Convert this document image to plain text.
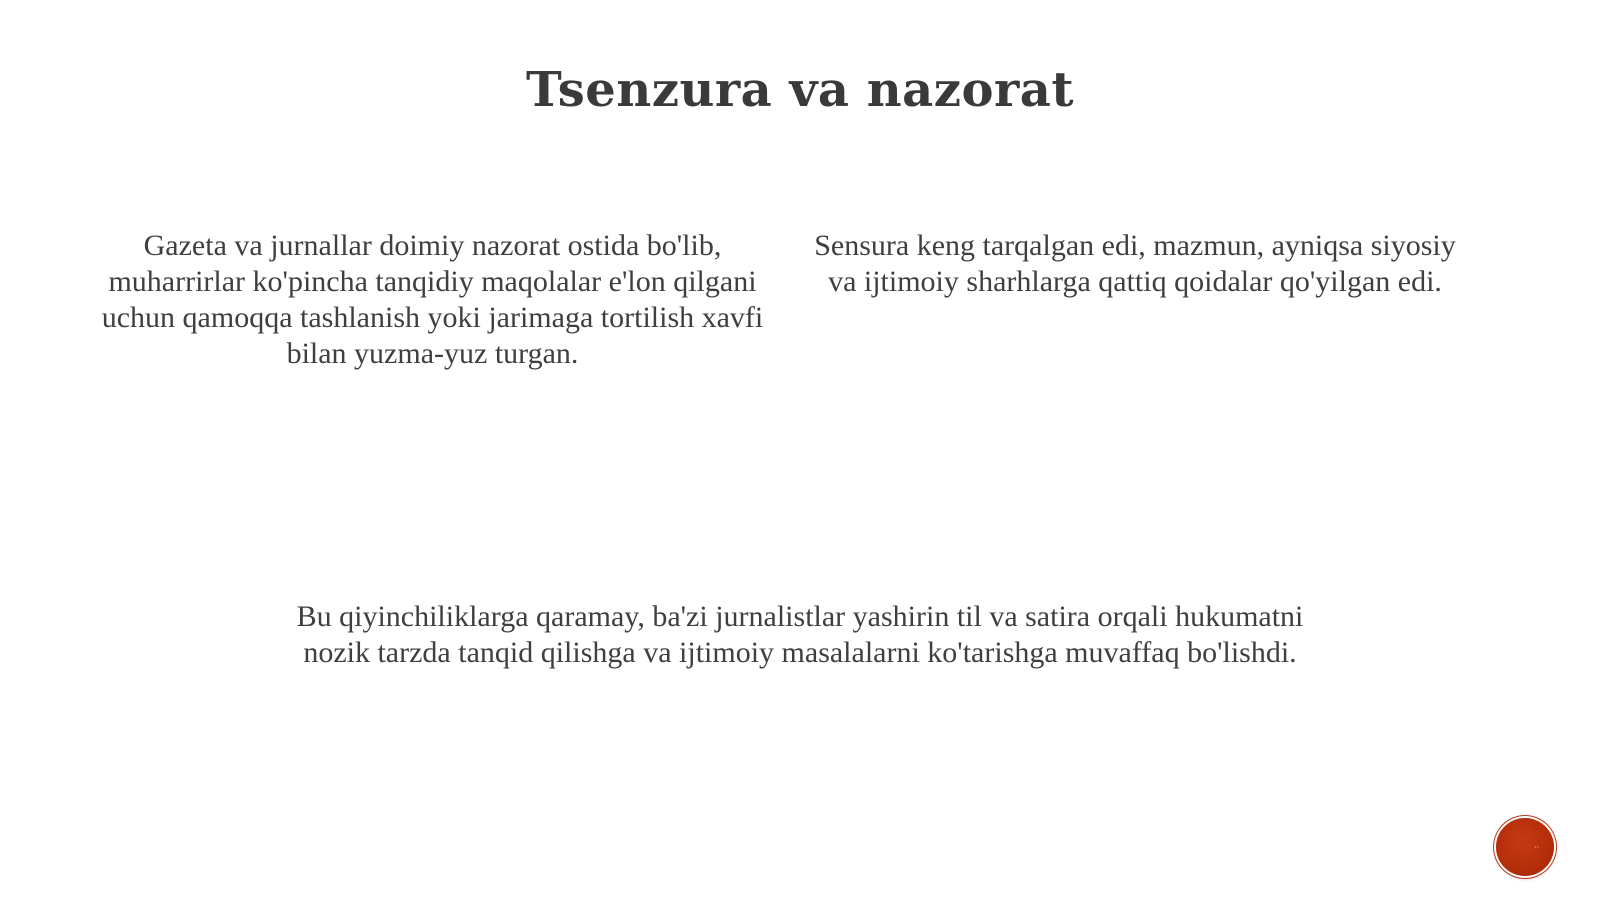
Tsenzura va nazorat
Gazeta va jurnallar doimiy nazorat ostida bo'lib, muharrirlar ko'pincha tanqidiy maqolalar e'lon qilgani uchun qamoqqa tashlanish yoki jarimaga tortilish xavfi bilan yuzma-yuz turgan.
Sensura keng tarqalgan edi, mazmun, ayniqsa siyosiy va ijtimoiy sharhlarga qattiq qoidalar qo'yilgan edi.
Bu qiyinchiliklarga qaramay, ba'zi jurnalistlar yashirin til va satira orqali hukumatni nozik tarzda tanqid qilishga va ijtimoiy masalalarni ko'tarishga muvaffaq bo'lishdi.
··
